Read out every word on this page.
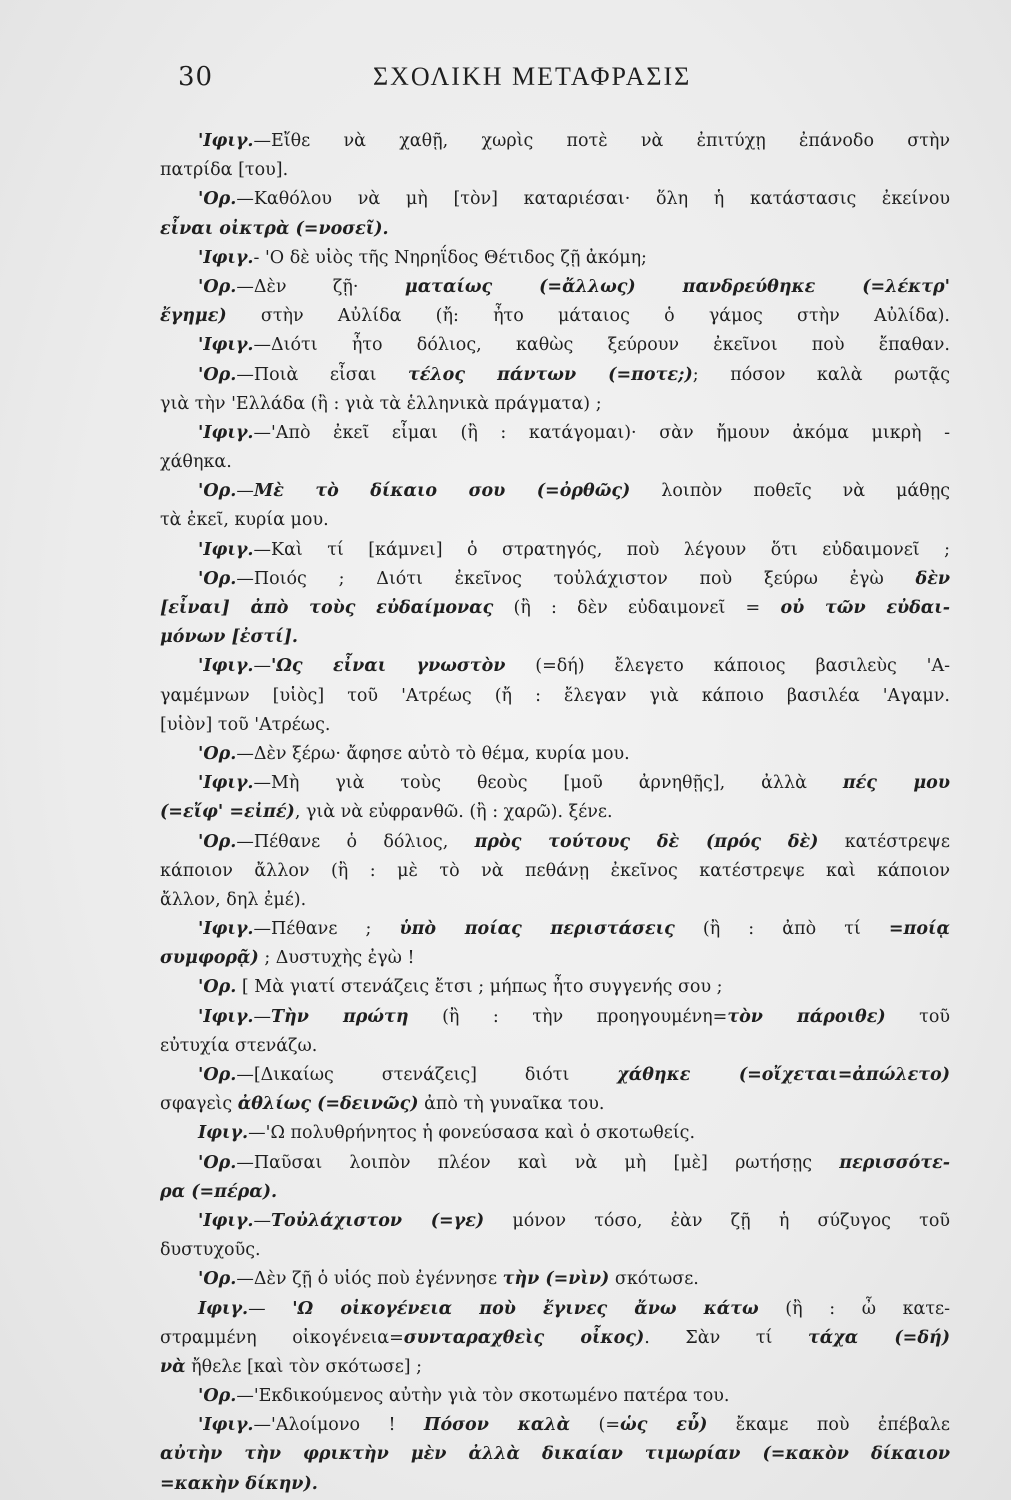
30	ΣΧΟΛΙΚΗ ΜΕΤΑΦΡΑΣΙΣ
'Ιφιγ.—Εἴθε νὰ χαθῇ, χωρὶς ποτὲ νὰ ἐπιτύχῃ ἐπάνοδο στὴν
πατρίδα [του].
'Ορ.—Καθόλου νὰ μὴ [τὸν] καταριέσαι· ὅλη ἡ κατάστασις ἐκείνου
εἶναι οἰκτρὰ (=νοσεῖ).
'Ιφιγ.- 'Ο δὲ υἱὸς τῆς Νηρηΐδος Θέτιδος ζῇ ἀκόμη;
'Ορ.—Δὲν ζῇ· ματαίως (=ἄλλως) πανδρεύθηκε (=λέκτρ'
ἔγημε) στὴν Αὐλίδα (ἤ: ἦτο μάταιος ὁ γάμος στὴν Αὐλίδα).
'Ιφιγ.—Διότι ἦτο δόλιος, καθὼς ξεύρουν ἐκεῖνοι ποὺ ἔπαθαν.
'Ορ.—Ποιὰ εἶσαι τέλος πάντων (=ποτε;); πόσον καλὰ ρωτᾷς
γιὰ τὴν 'Ελλάδα (ἢ : γιὰ τὰ ἑλληνικὰ πράγματα) ;
'Ιφιγ.—'Απὸ ἐκεῖ εἶμαι (ἢ : κατάγομαι)· σὰν ἤμουν ἀκόμα μικρὴ -
χάθηκα.
'Ορ.—Μὲ τὸ δίκαιο σου (=ὀρθῶς) λοιπὸν ποθεῖς νὰ μάθῃς
τὰ ἐκεῖ, κυρία μου.
'Ιφιγ.—Καὶ τί [κάμνει] ὁ στρατηγός, ποὺ λέγουν ὅτι εὐδαιμονεῖ ;
'Ορ.—Ποιός ; Διότι ἐκεῖνος τοὐλάχιστον ποὺ ξεύρω ἐγὼ δὲν
[εἶναι] ἀπὸ τοὺς εὐδαίμονας (ἢ : δὲν εὐδαιμονεῖ = οὐ τῶν εὐδαι-
μόνων [ἐστί].
'Ιφιγ.—'Ως εἶναι γνωστὸν (=δή) ἔλεγετο κάποιος βασιλεὺς 'Α-
γαμέμνων [υἱὸς] τοῦ 'Ατρέως (ἤ : ἔλεγαν γιὰ κάποιο βασιλέα 'Αγαμν.
[υἱὸν] τοῦ 'Ατρέως.
'Ορ.—Δὲν ξέρω· ἄφησε αὐτὸ τὸ θέμα, κυρία μου.
'Ιφιγ.—Μὴ γιὰ τοὺς θεοὺς [μοῦ ἀρνηθῇς], ἀλλὰ πές μου
(=εἴφ' =εἰπέ), γιὰ νὰ εὐφρανθῶ. (ἢ : χαρῶ). ξένε.
'Ορ.—Πέθανε ὁ δόλιος, πρὸς τούτους δὲ (πρός δὲ) κατέστρεψε
κάποιον ἄλλον (ἢ : μὲ τὸ νὰ πεθάνῃ ἐκεῖνος κατέστρεψε καὶ κάποιον
ἄλλον, δηλ ἐμέ).
'Ιφιγ.—Πέθανε ; ὑπὸ ποίας περιστάσεις (ἢ : ἀπὸ τί =ποίᾳ
συμφορᾷ) ; Δυστυχὴς ἐγὼ !
'Ορ. [ Μὰ γιατί στενάζεις ἔτσι ; μήπως ἦτο συγγενής σου ;
'Ιφιγ.—Τὴν πρώτη (ἢ : τὴν προηγουμένη=τὸν πάροιθε) τοῦ
εὐτυχία στενάζω.
'Ορ.—[Δικαίως στενάζεις] διότι χάθηκε (=οἴχεται=ἀπώλετο)
σφαγεὶς ἀθλίως (=δεινῶς) ἀπὸ τὴ γυναῖκα του.
Ιφιγ.—'Ω πολυθρήνητος ἡ φονεύσασα καὶ ὁ σκοτωθείς.
'Ορ.—Παῦσαι λοιπὸν πλέον καὶ νὰ μὴ [μὲ] ρωτήσῃς περισσότε-
ρα (=πέρα).
'Ιφιγ.—Τοὐλάχιστον (=γε) μόνον τόσο, ἐὰν ζῇ ἡ σύζυγος τοῦ
δυστυχοῦς.
'Ορ.—Δὲν ζῇ ὁ υἱός ποὺ ἐγέννησε τὴν (=νὶν) σκότωσε.
Ιφιγ.— 'Ω οἰκογένεια ποὺ ἔγινες ἄνω κάτω (ἢ : ὦ κατε-
στραμμένη οἰκογένεια=συνταραχθεὶς οἶκος). Σὰν τί τάχα (=δή)
νὰ ἤθελε [καὶ τὸν σκότωσε] ;
'Ορ.—'Εκδικούμενος αὐτὴν γιὰ τὸν σκοτωμένο πατέρα του.
'Ιφιγ.—'Αλοίμονο ! Πόσον καλὰ (=ὡς εὖ) ἔκαμε ποὺ ἐπέβαλε
αὐτὴν τὴν φρικτὴν μὲν ἀλλὰ δικαίαν τιμωρίαν (=κακὸν δίκαιον
=κακὴν δίκην).
